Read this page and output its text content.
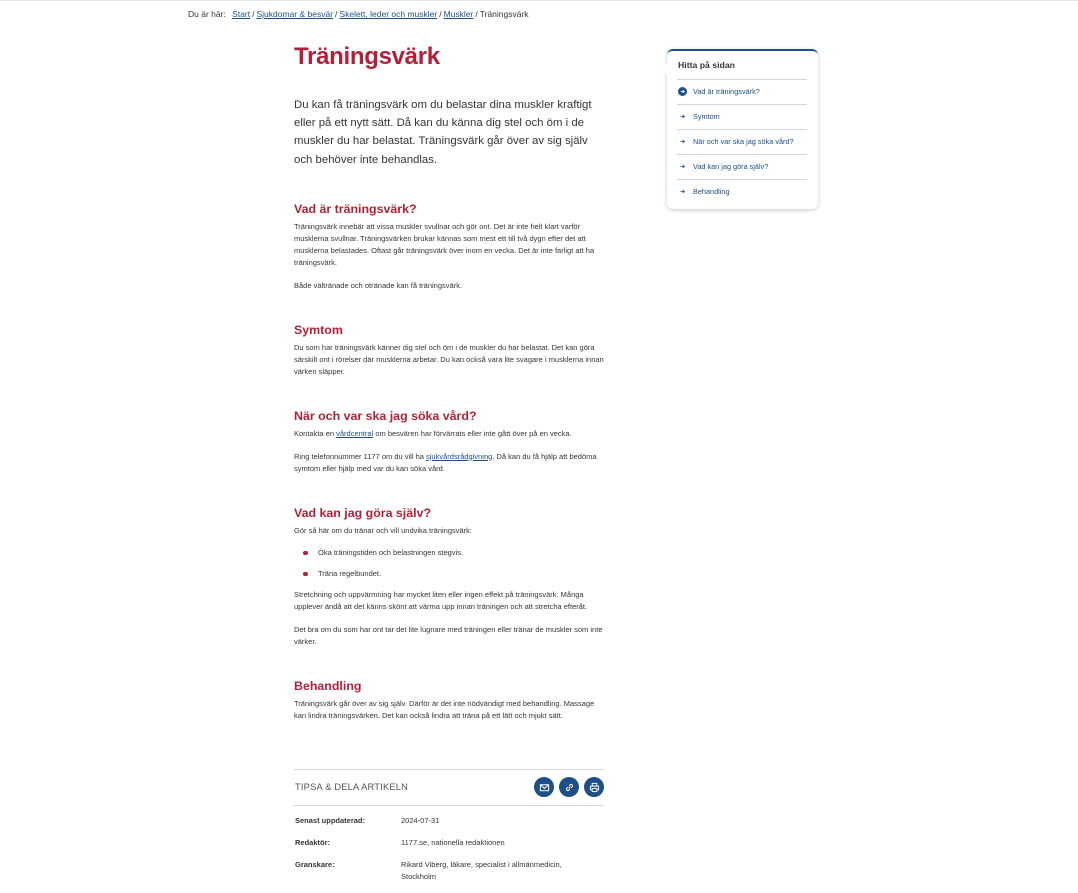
Du är här: Start / Sjukdomar & besvär / Skelett, leder och muskler / Muskler / Träningsvärk
Träningsvärk

Du kan få träningsvärk om du belastar dina muskler kraftigt eller på ett nytt sätt. Då kan du känna dig stel och öm i de muskler du har belastat. Träningsvärk går över av sig själv och behöver inte behandlas.

Vad är träningsvärk?

Träningsvärk innebär att vissa muskler svullnar och gör ont. Det är inte helt klart varför musklerna svullnar. Träningsvärken brukar kännas som mest ett till två dygn efter det att musklerna belastades. Oftast går träningsvärk över inom en vecka. Det är inte farligt att ha träningsvärk.

Både vältränade och otränade kan få träningsvärk.

Symtom

Du som har träningsvärk känner dig stel och öm i de muskler du har belastat. Det kan göra särskilt ont i rörelser där musklerna arbetar. Du kan också vara lite svagare i musklerna innan värken släpper.

När och var ska jag söka vård?

Kontakta en vårdcentral om besvären har förvärrats eller inte gått över på en vecka.

Ring telefonnummer 1177 om du vill ha sjukvårdsrådgivning. Då kan du få hjälp att bedöma symtom eller hjälp med var du kan söka vård.

Vad kan jag göra själv?

Gör så här om du tränar och vill undvika träningsvärk:

Öka träningstiden och belastningen stegvis.
Träna regelbundet.

Stretchning och uppvärmning har mycket liten eller ingen effekt på träningsvärk. Många upplever ändå att det känns skönt att värma upp innan träningen och att stretcha efteråt.

Det bra om du som har ont tar det lite lugnare med träningen eller tränar de muskler som inte värker.

Behandling

Träningsvärk går över av sig själv. Därför är det inte nödvändigt med behandling. Massage kan lindra träningsvärken. Det kan också lindra att träna på ett lätt och mjukt sätt.

TIPSA & DELA ARTIKELN
Senast uppdaterad:	2024-07-31
Redaktör:	1177.se, nationella redaktionen
Granskare:	Rikard Viberg, läkare, specialist i allmänmedicin, Stockholm
Hitta på sidan
Vad är träningsvärk?
Symtom
När och var ska jag söka vård?
Vad kan jag göra själv?
Behandling
